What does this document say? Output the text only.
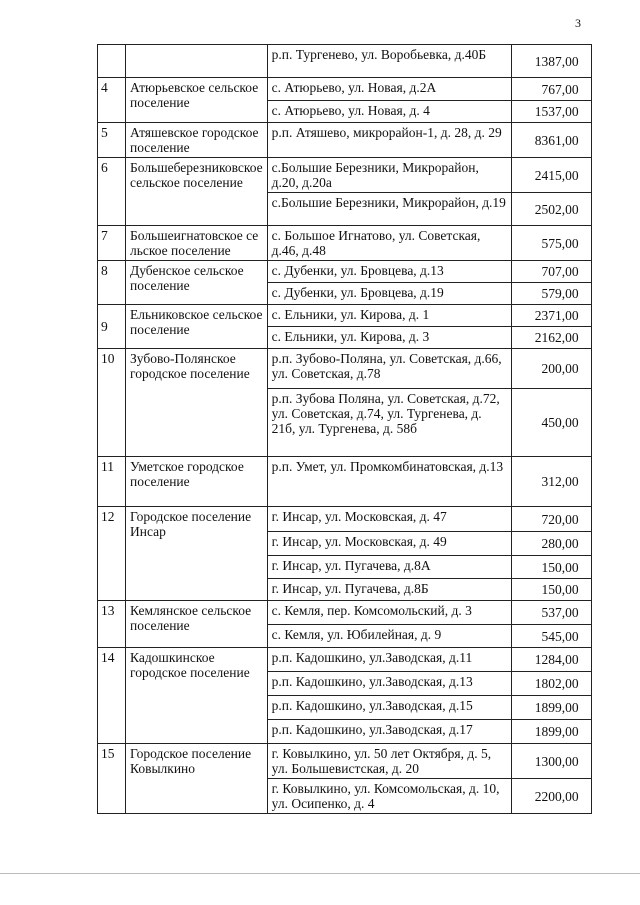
3
		р.п. Тургенево, ул. Воробьевка, д.40Б	1387,00
4	Атюрьевское сельское поселение	с. Атюрьево, ул. Новая, д.2А	767,00
		с. Атюрьево, ул. Новая, д. 4	1537,00
5	Атяшевское городское поселение	р.п. Атяшево, микрорайон-1, д. 28, д. 29	8361,00
6	Большеберезниковское сельское поселение	с.Большие Березники, Микрорайон, д.20, д.20а	2415,00
		с.Большие Березники, Микрорайон, д.19	2502,00
7	Большеигнатовское сельское поселение	с. Большое Игнатово, ул. Советская, д.46, д.48	575,00
8	Дубенское сельское поселение	с. Дубенки, ул. Бровцева, д.13	707,00
		с. Дубенки, ул. Бровцева, д.19	579,00
9	Ельниковское сельское поселение	с. Ельники, ул. Кирова, д. 1	2371,00
		с. Ельники, ул. Кирова, д. 3	2162,00
10	Зубово-Полянское городское поселение	р.п. Зубово-Поляна, ул. Советская, д.66, ул. Советская, д.78	200,00
		р.п. Зубова Поляна, ул. Советская, д.72, ул. Советская, д.74, ул. Тургенева, д. 21б, ул. Тургенева, д. 58б	450,00
11	Уметское городское поселение	р.п. Умет, ул. Промкомбинатовская, д.13	312,00
12	Городское поселение Инсар	г. Инсар, ул. Московская, д. 47	720,00
		г. Инсар, ул. Московская, д. 49	280,00
		г. Инсар, ул. Пугачева, д.8А	150,00
		г. Инсар, ул. Пугачева, д.8Б	150,00
13	Кемлянское сельское поселение	с. Кемля, пер. Комсомольский, д. 3	537,00
		с. Кемля, ул. Юбилейная, д. 9	545,00
14	Кадошкинское городское поселение	р.п. Кадошкино, ул.Заводская, д.11	1284,00
		р.п. Кадошкино, ул.Заводская, д.13	1802,00
		р.п. Кадошкино, ул.Заводская, д.15	1899,00
		р.п. Кадошкино, ул.Заводская, д.17	1899,00
15	Городское поселение Ковылкино	г. Ковылкино, ул. 50 лет Октября, д. 5, ул. Большевистская, д. 20	1300,00
		г. Ковылкино, ул. Комсомольская, д. 10, ул. Осипенко, д. 4	2200,00
